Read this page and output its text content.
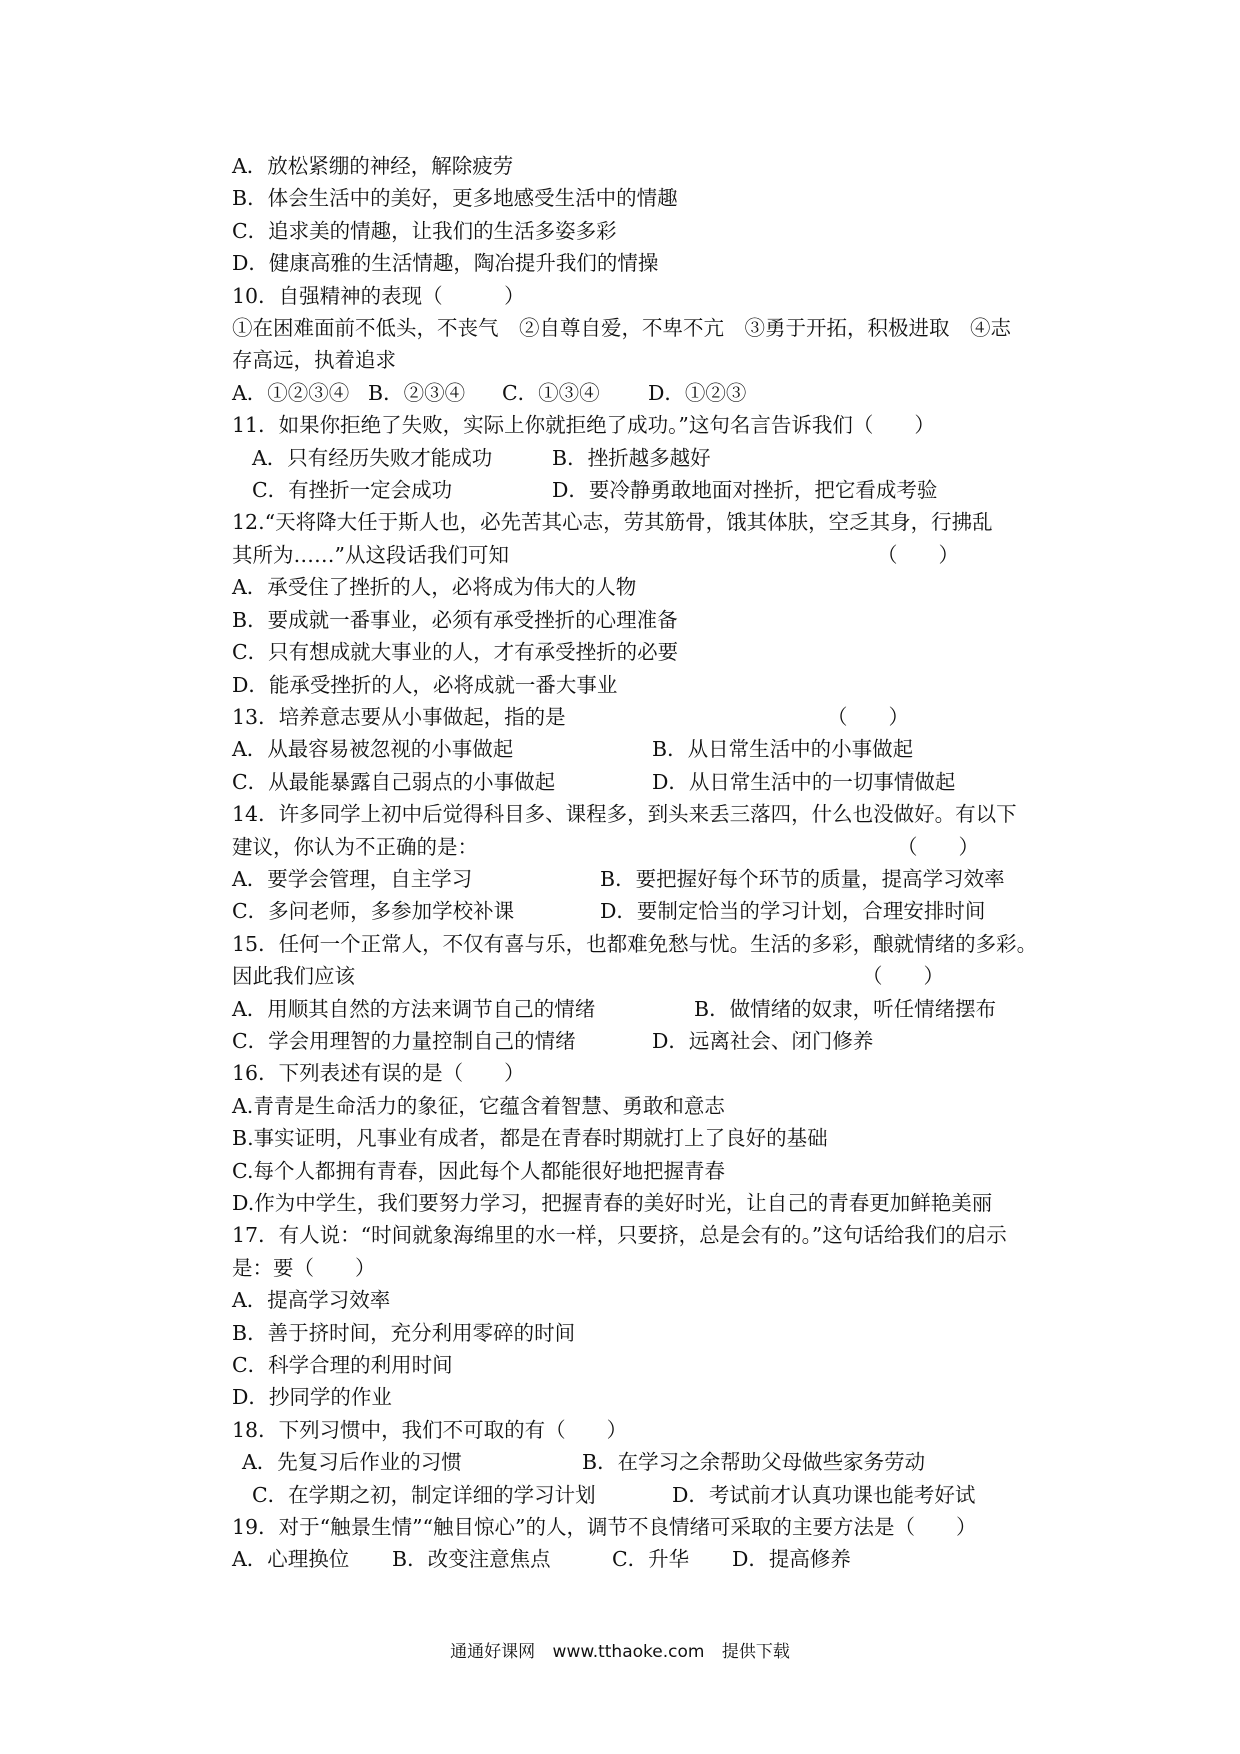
A．放松紧绷的神经，解除疲劳
B．体会生活中的美好，更多地感受生活中的情趣
C．追求美的情趣，让我们的生活多姿多彩
D．健康高雅的生活情趣，陶冶提升我们的情操
10．自强精神的表现（　　　）
①在困难面前不低头，不丧气　②自尊自爱，不卑不亢　③勇于开拓，积极进取　④志
存高远，执着追求
A．①②③④ B．②③④	C．①③④	D．①②③
11．如果你拒绝了失败，实际上你就拒绝了成功。”这句名言告诉我们（　　）
A．只有经历失败才能成功	B．挫折越多越好
C．有挫折一定会成功	D．要冷静勇敢地面对挫折，把它看成考验
12.“天将降大任于斯人也，必先苦其心志，劳其筋骨，饿其体肤，空乏其身，行拂乱
其所为……”从这段话我们可知	（　　）
A．承受住了挫折的人，必将成为伟大的人物
B．要成就一番事业，必须有承受挫折的心理准备
C．只有想成就大事业的人，才有承受挫折的必要
D．能承受挫折的人，必将成就一番大事业
13．培养意志要从小事做起，指的是	（　　）
A．从最容易被忽视的小事做起	B．从日常生活中的小事做起
C．从最能暴露自己弱点的小事做起	D．从日常生活中的一切事情做起
14．许多同学上初中后觉得科目多、课程多，到头来丢三落四，什么也没做好。有以下
建议，你认为不正确的是：	（　　）
A．要学会管理，自主学习	B．要把握好每个环节的质量，提高学习效率
C．多问老师，多参加学校补课	D．要制定恰当的学习计划，合理安排时间
15．任何一个正常人，不仅有喜与乐，也都难免愁与忧。生活的多彩，酿就情绪的多彩。
因此我们应该	（　　）
A．用顺其自然的方法来调节自己的情绪	B．做情绪的奴隶，听任情绪摆布
C．学会用理智的力量控制自己的情绪	D．远离社会、闭门修养
16．下列表述有误的是（　　）
A.青青是生命活力的象征，它蕴含着智慧、勇敢和意志
B.事实证明，凡事业有成者，都是在青春时期就打上了良好的基础
C.每个人都拥有青春，因此每个人都能很好地把握青春
D.作为中学生，我们要努力学习，把握青春的美好时光，让自己的青春更加鲜艳美丽
17．有人说：“时间就象海绵里的水一样，只要挤，总是会有的。”这句话给我们的启示
是：要（　　）
A．提高学习效率
B．善于挤时间，充分利用零碎的时间
C．科学合理的利用时间
D．抄同学的作业
18．下列习惯中，我们不可取的有（　　）
A．先复习后作业的习惯	B．在学习之余帮助父母做些家务劳动
C．在学期之初，制定详细的学习计划	D．考试前才认真功课也能考好试
19．对于“触景生情”“触目惊心”的人，调节不良情绪可采取的主要方法是（　　）
A．心理换位	B．改变注意焦点	C．升华	D．提高修养
通通好课网 www.tthaoke.com 提供下载
